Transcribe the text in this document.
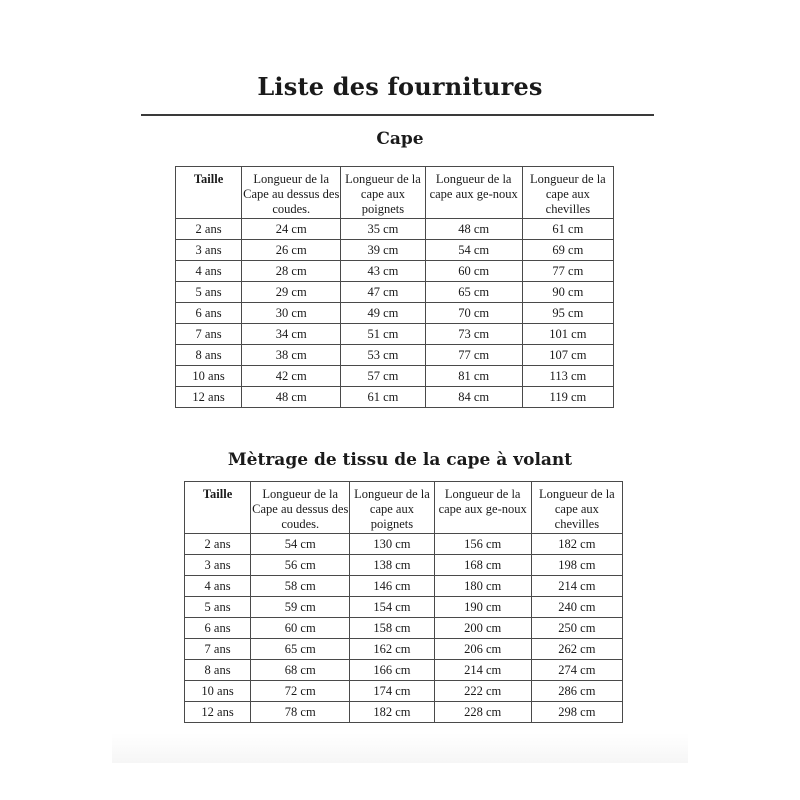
Liste des fournitures
Cape
Taille	Longueur de la Cape au dessus des coudes.	Longueur de la cape aux poignets	Longueur de la cape aux ge-noux	Longueur de la cape aux chevilles
2 ans	24 cm	35 cm	48 cm	61 cm
3 ans	26 cm	39 cm	54 cm	69 cm
4 ans	28 cm	43 cm	60 cm	77 cm
5 ans	29 cm	47 cm	65 cm	90 cm
6 ans	30 cm	49 cm	70 cm	95 cm
7 ans	34 cm	51 cm	73 cm	101 cm
8 ans	38 cm	53 cm	77 cm	107 cm
10 ans	42 cm	57 cm	81 cm	113 cm
12 ans	48 cm	61 cm	84 cm	119 cm
Mètrage de tissu de la cape à volant
Taille	Longueur de la Cape au dessus des coudes.	Longueur de la cape aux poignets	Longueur de la cape aux ge-noux	Longueur de la cape aux chevilles
2 ans	54 cm	130 cm	156 cm	182 cm
3 ans	56 cm	138 cm	168 cm	198 cm
4 ans	58 cm	146 cm	180 cm	214 cm
5 ans	59 cm	154 cm	190 cm	240 cm
6 ans	60 cm	158 cm	200 cm	250 cm
7 ans	65 cm	162 cm	206 cm	262 cm
8 ans	68 cm	166 cm	214 cm	274 cm
10 ans	72 cm	174 cm	222 cm	286 cm
12 ans	78 cm	182 cm	228 cm	298 cm
